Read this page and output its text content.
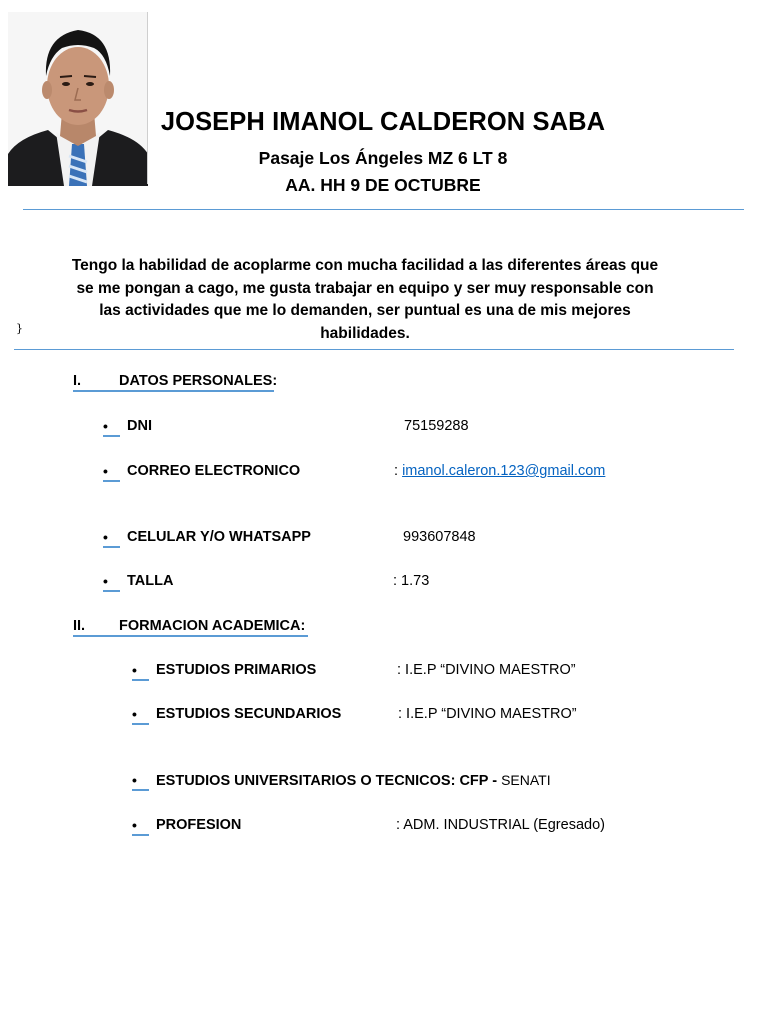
JOSEPH IMANOL CALDERON SABA
Pasaje Los Ángeles MZ 6 LT 8
AA. HH 9 DE OCTUBRE
Tengo la habilidad de acoplarme con mucha facilidad a las diferentes áreas que se me pongan a cago, me gusta trabajar en equipo y ser muy responsable con las actividades que me lo demanden, ser puntual es una de mis mejores habilidades.
}
I.	DATOS PERSONALES:
•	DNI	75159288
•	CORREO ELECTRONICO	: imanol.caleron.123@gmail.com
•	CELULAR Y/O WHATSAPP	993607848
•	TALLA	: 1.73
II. FORMACION ACADEMICA:
•	ESTUDIOS PRIMARIOS	: I.E.P “DIVINO MAESTRO”
•	ESTUDIOS SECUNDARIOS	: I.E.P “DIVINO MAESTRO”
•	ESTUDIOS UNIVERSITARIOS O TECNICOS: CFP - SENATI
•	PROFESION	: ADM. INDUSTRIAL (Egresado)
